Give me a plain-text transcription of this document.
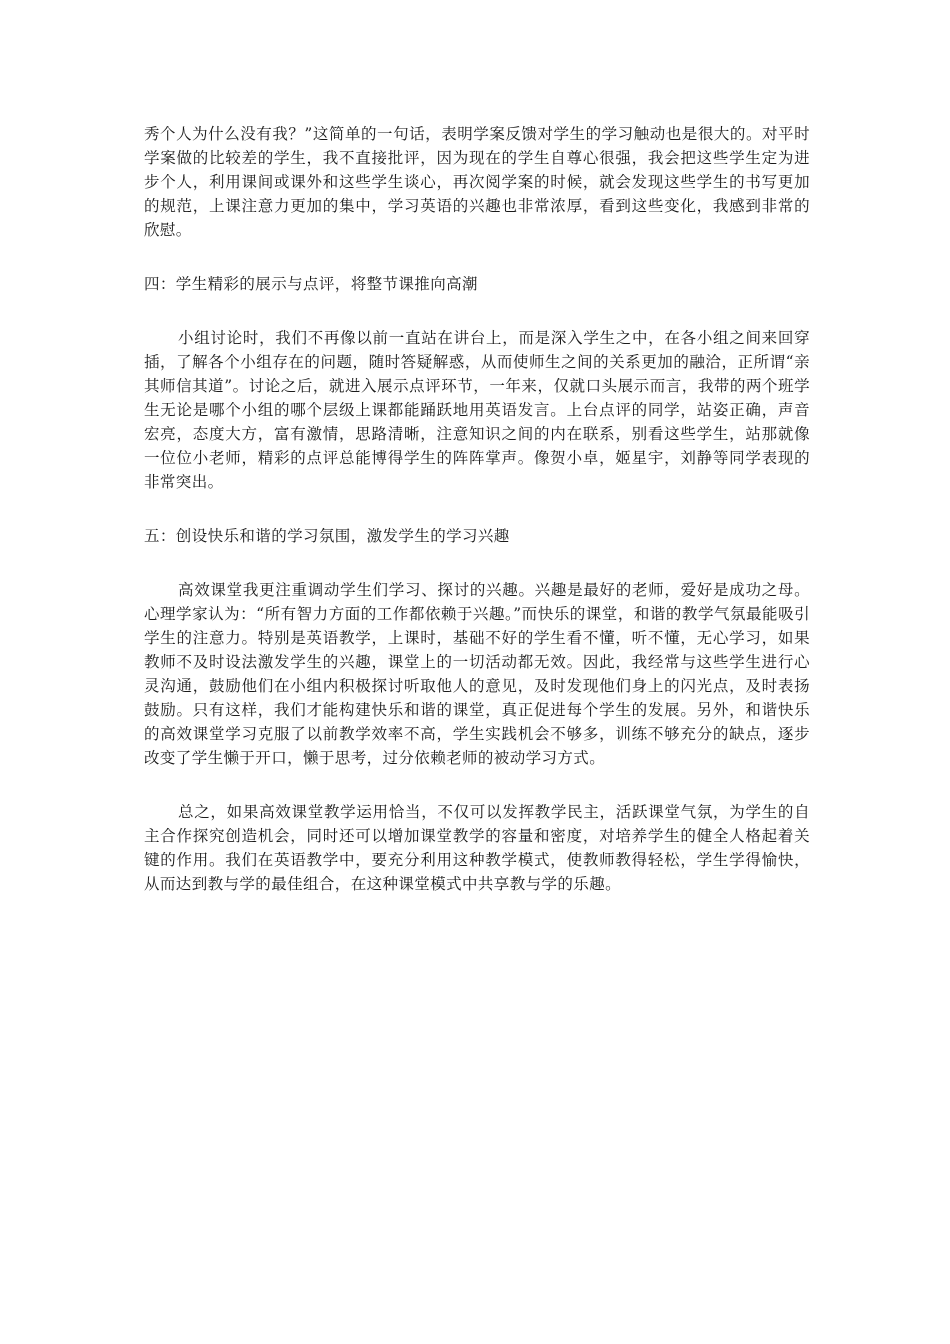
秀个人为什么没有我？”这简单的一句话，表明学案反馈对学生的学习触动也是很大的。对平时学案做的比较差的学生，我不直接批评，因为现在的学生自尊心很强，我会把这些学生定为进步个人，利用课间或课外和这些学生谈心，再次阅学案的时候，就会发现这些学生的书写更加的规范，上课注意力更加的集中，学习英语的兴趣也非常浓厚，看到这些变化，我感到非常的欣慰。

四：学生精彩的展示与点评，将整节课推向高潮

小组讨论时，我们不再像以前一直站在讲台上，而是深入学生之中，在各小组之间来回穿插，了解各个小组存在的问题，随时答疑解惑，从而使师生之间的关系更加的融洽，正所谓“亲其师信其道”。讨论之后，就进入展示点评环节，一年来，仅就口头展示而言，我带的两个班学生无论是哪个小组的哪个层级上课都能踊跃地用英语发言。上台点评的同学，站姿正确，声音宏亮，态度大方，富有激情，思路清晰，注意知识之间的内在联系，别看这些学生，站那就像一位位小老师，精彩的点评总能博得学生的阵阵掌声。像贺小卓，姬星宇，刘静等同学表现的非常突出。

五：创设快乐和谐的学习氛围，激发学生的学习兴趣

高效课堂我更注重调动学生们学习、探讨的兴趣。兴趣是最好的老师，爱好是成功之母。心理学家认为：“所有智力方面的工作都依赖于兴趣。”而快乐的课堂，和谐的教学气氛最能吸引学生的注意力。特别是英语教学，上课时，基础不好的学生看不懂，听不懂，无心学习，如果教师不及时设法激发学生的兴趣，课堂上的一切活动都无效。因此，我经常与这些学生进行心灵沟通，鼓励他们在小组内积极探讨听取他人的意见，及时发现他们身上的闪光点，及时表扬鼓励。只有这样，我们才能构建快乐和谐的课堂，真正促进每个学生的发展。另外，和谐快乐的高效课堂学习克服了以前教学效率不高，学生实践机会不够多，训练不够充分的缺点，逐步改变了学生懒于开口，懒于思考，过分依赖老师的被动学习方式。

总之，如果高效课堂教学运用恰当，不仅可以发挥教学民主，活跃课堂气氛，为学生的自主合作探究创造机会，同时还可以增加课堂教学的容量和密度，对培养学生的健全人格起着关键的作用。我们在英语教学中，要充分利用这种教学模式，使教师教得轻松，学生学得愉快，从而达到教与学的最佳组合，在这种课堂模式中共享教与学的乐趣。
